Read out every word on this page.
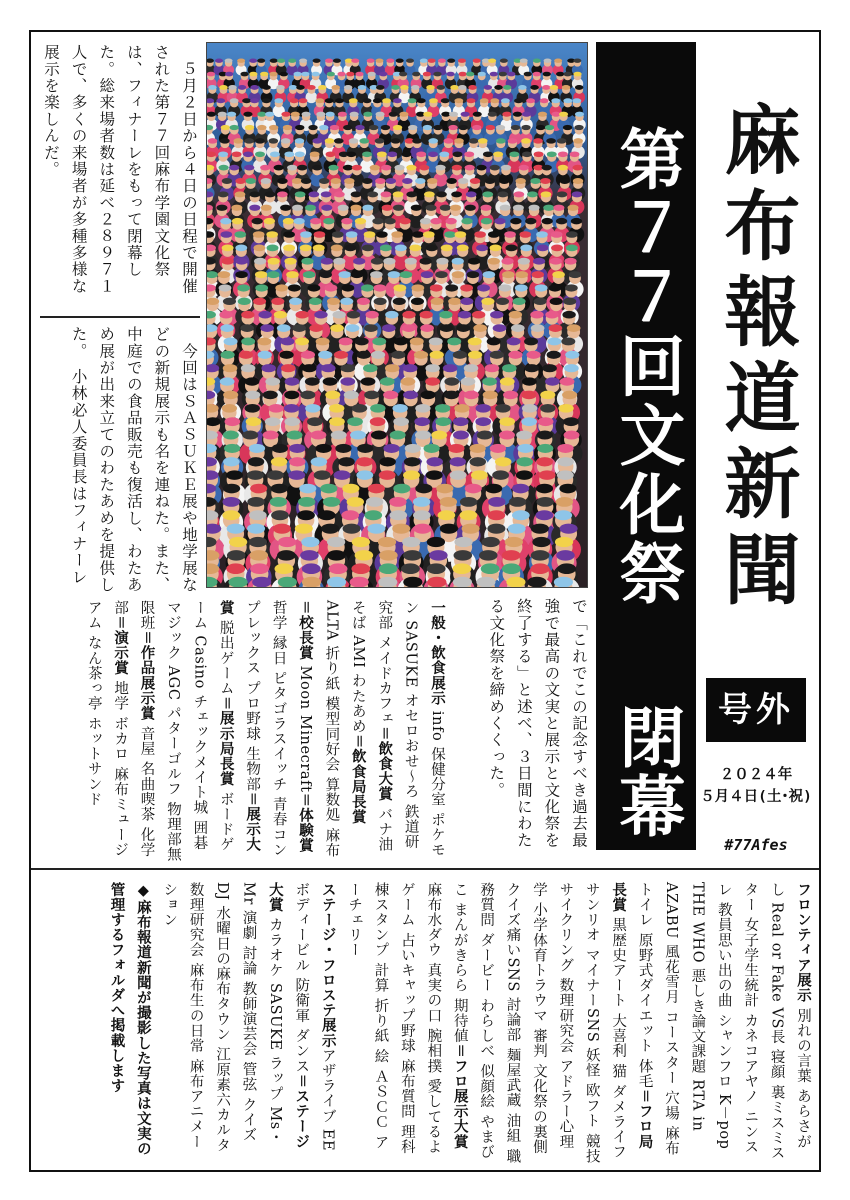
麻布報道新聞
第７７回文化祭
閉幕 号外
２０２４年
５月４日(土･祝)
#77Afes
　５月２日から４日の日程で開催された第７７回麻布学園文化祭は、フィナーレをもって閉幕した。総来場者数は延べ２８９７１人で、多くの来場者が多種多様な展示を楽しんだ。
　今回はＳＡＳＵＫＥ展や地学展などの新規展示も名を連ねた。また、中庭での食品販売も復活し、わたあめ展が出来立てのわたあめを提供した。　小林必人委員長はフィナーレ
で「これでこの記念すべき過去最強で最高の文実と展示と文化祭を終了する」と述べ、３日間にわたる文化祭を締めくくった。
一般・飲食展示 info 保健分室 ポケモン SASUKE オセロおせ〜ろ 鉄道研究部 メイドカフェ＝飲食大賞 バナ油そば AMI わたあめ＝飲食局長賞 ALTA 折り紙 模型同好会 算数処 麻布＝校長賞 Moon Minecraft＝体験賞 哲学 縁日 ピタゴラスイッチ 青春コンプレックス プロ野球 生物部＝展示大賞 脱出ゲーム＝展示局長賞 ボードゲーム Casino チェックメイト城 囲碁 マジック AGC パターゴルフ 物理部無限班＝作品展示賞 音屋 名曲喫茶 化学部＝演示賞 地学 ボカロ 麻布ミュージアム なん茶っ亭 ホットサンド
フロンティア展示 別れの言葉 あらさがし Real or Fake VS長 寝顔 裏ミスミスター 女子学生統計 カネコアヤノ ニンスレ 教員思い出の曲 シャンフロ K－pop THE WHO 悪しき論文課題 RTA in AZABU 風花雪月 コースター 穴場 麻布トイレ 原野式ダイエット 体毛＝フロ局長賞 黒歴史アート 大喜利 猫 ダメライフ サンリオ マイナーSNS 妖怪 欧フト 競技サイクリング 数理研究会 アドラー心理学 小学体育トラウマ 審判 文化祭の裏側 クイズ痛いSNS 討論部 麺屋武蔵 油組 職務質問 ダービー わらしべ 似顔絵 やまびこ まんがきらら 期待値＝フロ展示大賞 麻布水ダウ 真実の口 腕相撲 愛してるよゲーム 占いキャップ野球 麻布質問 理科棟スタンプ 計算 折り紙 絵 ＡＳＣＣ アーチェリー
ステージ・フロステ展示アザライブ EE ボディービル 防衛軍 ダンス＝ステージ大賞 カラオケ SASUKE ラップ Ms・Mr 演劇 討論 教師演芸会 管弦 クイズ DJ 水曜日の麻布タウン 江原素六カルタ 数理研究会 麻布生の日常 麻布アニメーション
◆麻布報道新聞が撮影した写真は文実の管理するフォルダへ掲載します
